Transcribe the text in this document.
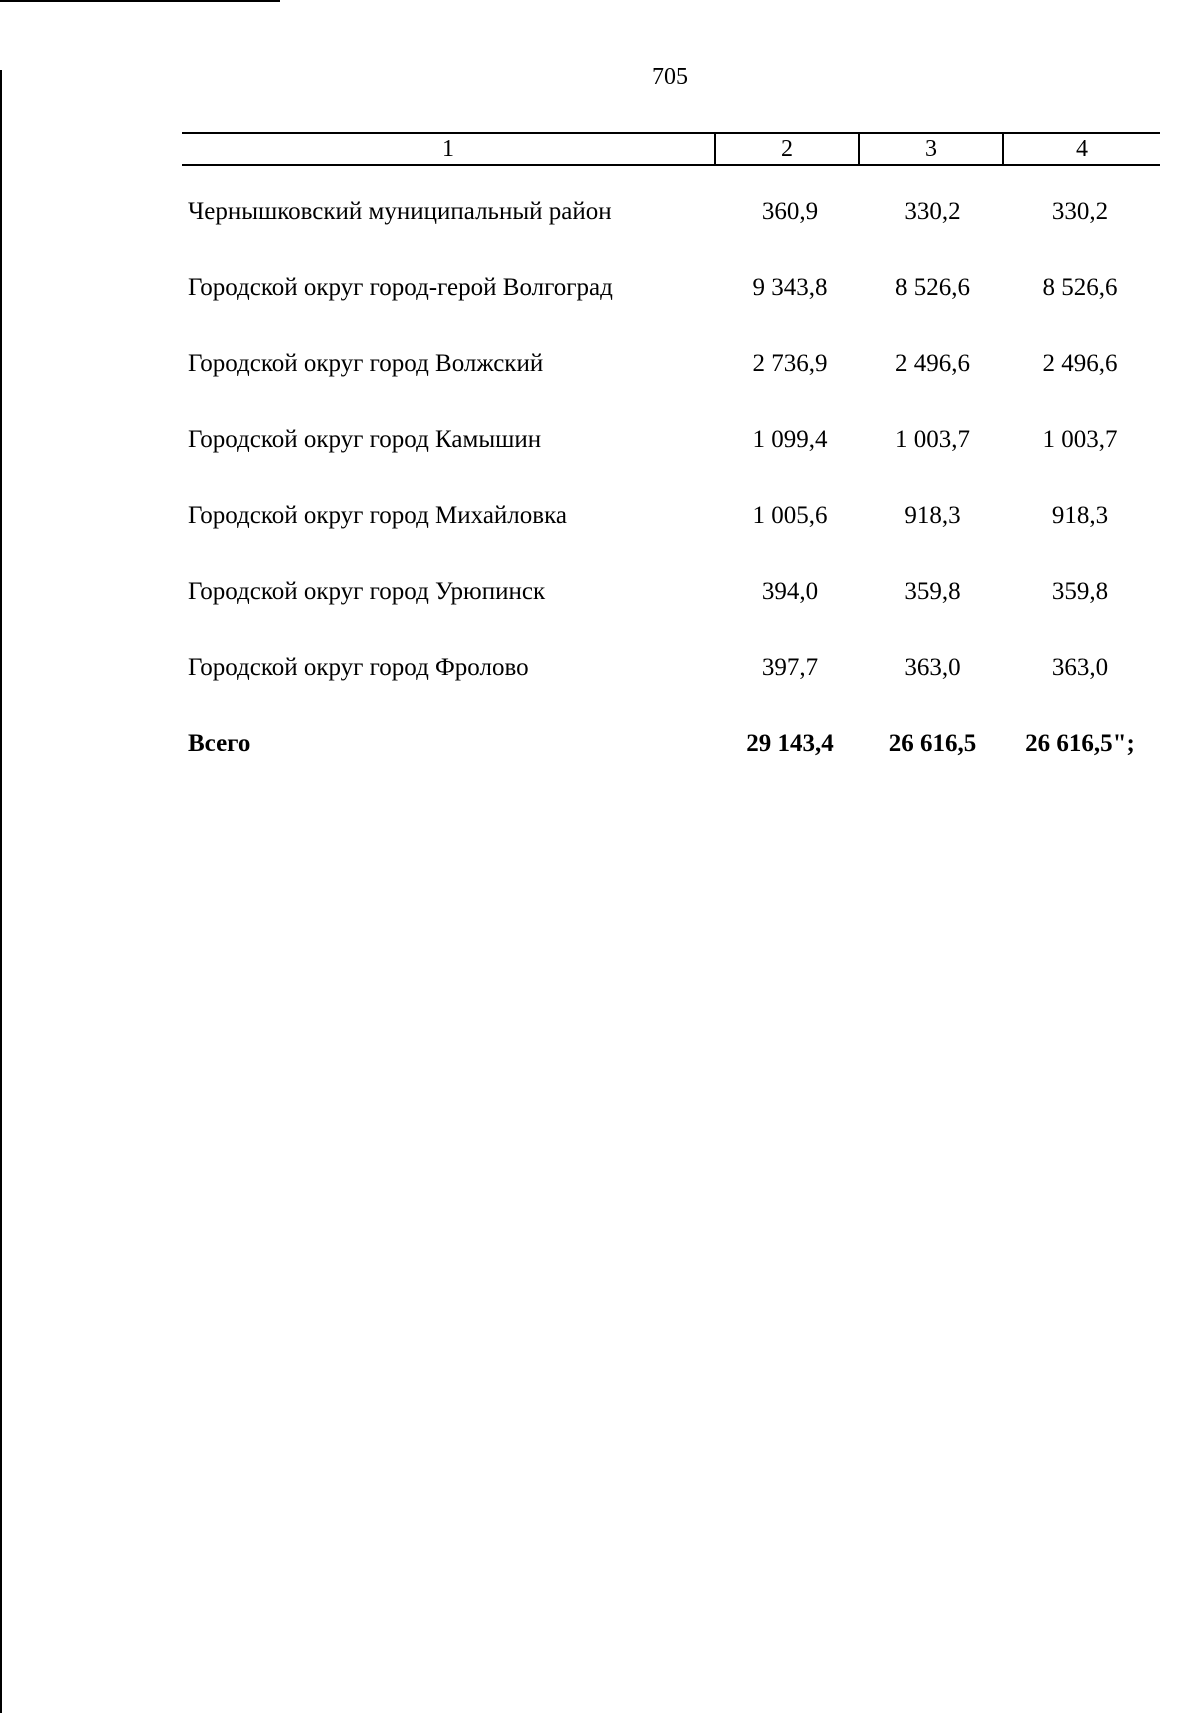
705
1	2	3	4
Чернышковский муниципальный район	360,9	330,2	330,2
Городской округ город-герой Волгоград	9 343,8	8 526,6	8 526,6
Городской округ город Волжский	2 736,9	2 496,6	2 496,6
Городской округ город Камышин	1 099,4	1 003,7	1 003,7
Городской округ город Михайловка	1 005,6	918,3	918,3
Городской округ город Урюпинск	394,0	359,8	359,8
Городской округ город Фролово	397,7	363,0	363,0
Всего	29 143,4	26 616,5	26 616,5";
